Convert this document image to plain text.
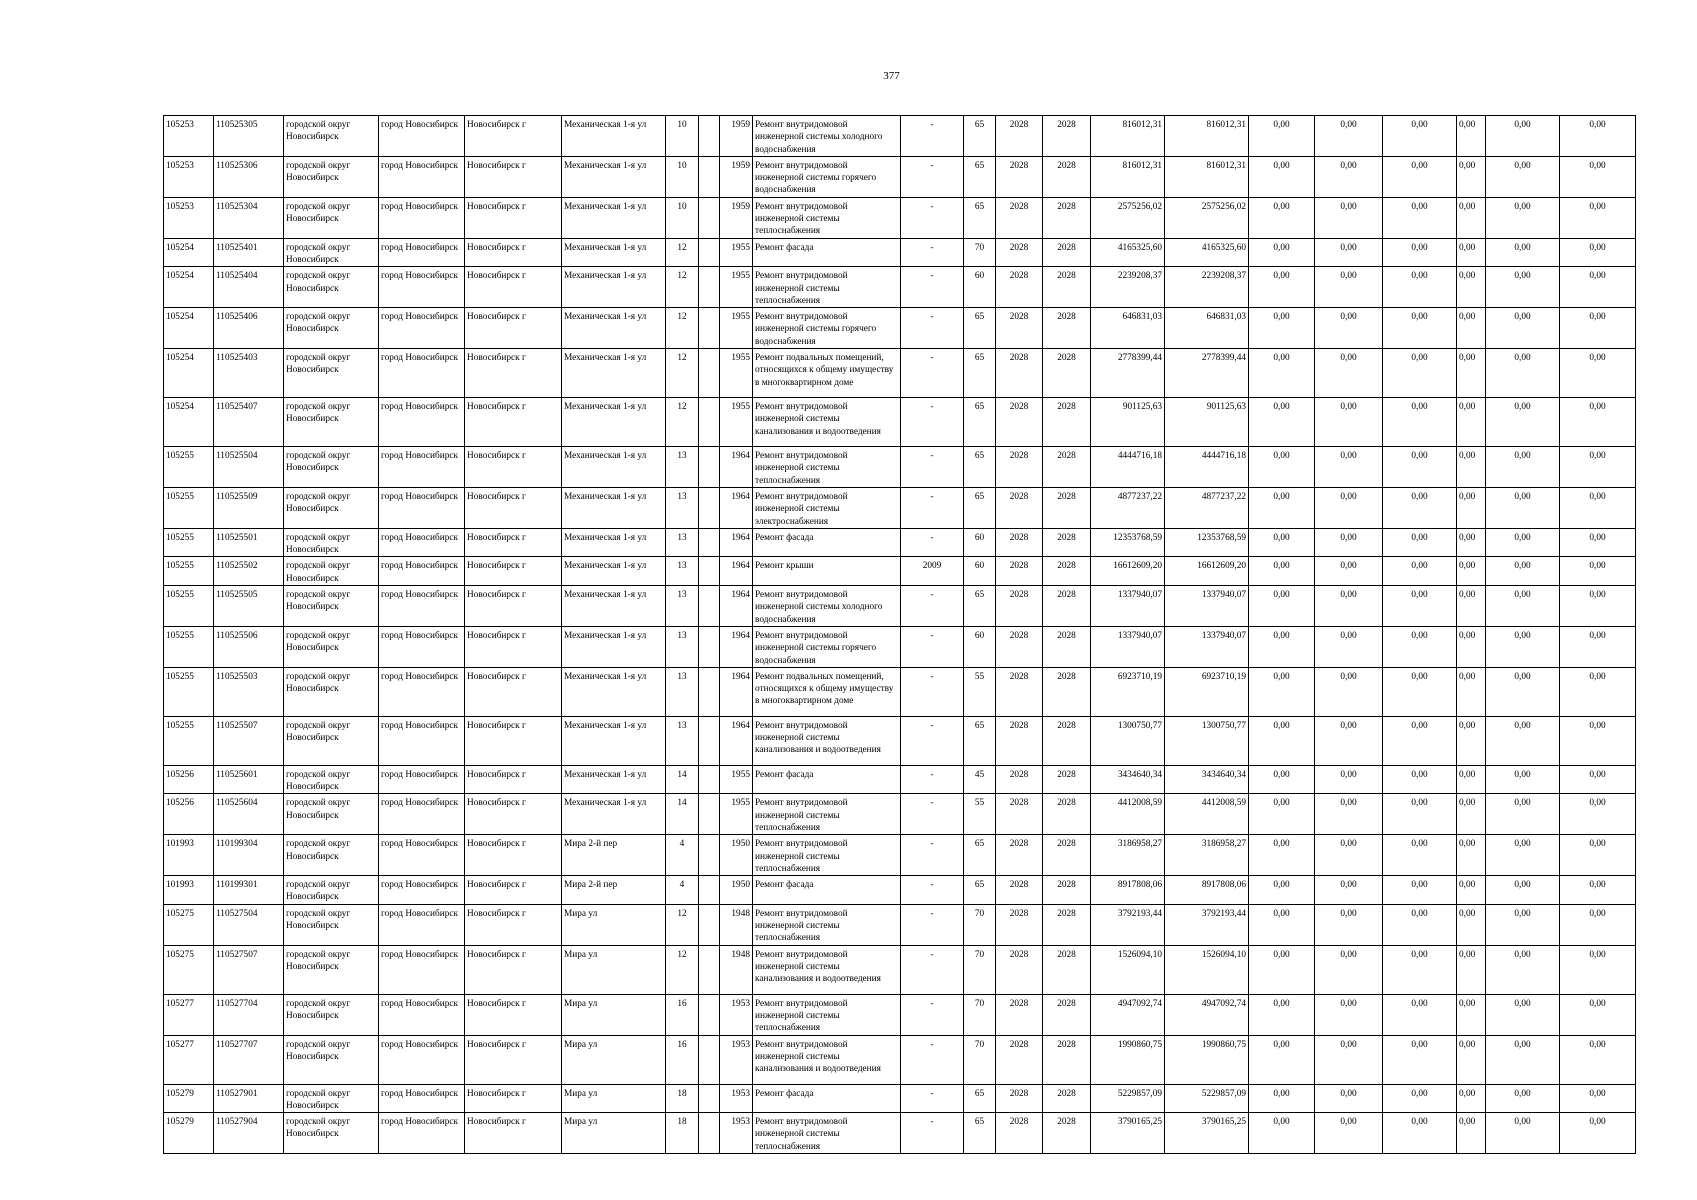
377
105253	110525305	городской округ Новосибирск	город Новосибирск	Новосибирск г	Механическая 1-я ул	10		1959	Ремонт внутридомовой инженерной системы холодного водоснабжения	-	65	2028	2028	816012,31	816012,31	0,00	0,00	0,00	0,00	0,00	0,00
105253	110525306	городской округ Новосибирск	город Новосибирск	Новосибирск г	Механическая 1-я ул	10		1959	Ремонт внутридомовой инженерной системы горячего водоснабжения	-	65	2028	2028	816012,31	816012,31	0,00	0,00	0,00	0,00	0,00	0,00
105253	110525304	городской округ Новосибирск	город Новосибирск	Новосибирск г	Механическая 1-я ул	10		1959	Ремонт внутридомовой инженерной системы теплоснабжения	-	65	2028	2028	2575256,02	2575256,02	0,00	0,00	0,00	0,00	0,00	0,00
105254	110525401	городской округ Новосибирск	город Новосибирск	Новосибирск г	Механическая 1-я ул	12		1955	Ремонт фасада	-	70	2028	2028	4165325,60	4165325,60	0,00	0,00	0,00	0,00	0,00	0,00
105254	110525404	городской округ Новосибирск	город Новосибирск	Новосибирск г	Механическая 1-я ул	12		1955	Ремонт внутридомовой инженерной системы теплоснабжения	-	60	2028	2028	2239208,37	2239208,37	0,00	0,00	0,00	0,00	0,00	0,00
105254	110525406	городской округ Новосибирск	город Новосибирск	Новосибирск г	Механическая 1-я ул	12		1955	Ремонт внутридомовой инженерной системы горячего водоснабжения	-	65	2028	2028	646831,03	646831,03	0,00	0,00	0,00	0,00	0,00	0,00
105254	110525403	городской округ Новосибирск	город Новосибирск	Новосибирск г	Механическая 1-я ул	12		1955	Ремонт подвальных помещений, относящихся к общему имуществу в многоквартирном доме	-	65	2028	2028	2778399,44	2778399,44	0,00	0,00	0,00	0,00	0,00	0,00
105254	110525407	городской округ Новосибирск	город Новосибирск	Новосибирск г	Механическая 1-я ул	12		1955	Ремонт внутридомовой инженерной системы канализования и водоотведения	-	65	2028	2028	901125,63	901125,63	0,00	0,00	0,00	0,00	0,00	0,00
105255	110525504	городской округ Новосибирск	город Новосибирск	Новосибирск г	Механическая 1-я ул	13		1964	Ремонт внутридомовой инженерной системы теплоснабжения	-	65	2028	2028	4444716,18	4444716,18	0,00	0,00	0,00	0,00	0,00	0,00
105255	110525509	городской округ Новосибирск	город Новосибирск	Новосибирск г	Механическая 1-я ул	13		1964	Ремонт внутридомовой инженерной системы электроснабжения	-	65	2028	2028	4877237,22	4877237,22	0,00	0,00	0,00	0,00	0,00	0,00
105255	110525501	городской округ Новосибирск	город Новосибирск	Новосибирск г	Механическая 1-я ул	13		1964	Ремонт фасада	-	60	2028	2028	12353768,59	12353768,59	0,00	0,00	0,00	0,00	0,00	0,00
105255	110525502	городской округ Новосибирск	город Новосибирск	Новосибирск г	Механическая 1-я ул	13		1964	Ремонт крыши	2009	60	2028	2028	16612609,20	16612609,20	0,00	0,00	0,00	0,00	0,00	0,00
105255	110525505	городской округ Новосибирск	город Новосибирск	Новосибирск г	Механическая 1-я ул	13		1964	Ремонт внутридомовой инженерной системы холодного водоснабжения	-	65	2028	2028	1337940,07	1337940,07	0,00	0,00	0,00	0,00	0,00	0,00
105255	110525506	городской округ Новосибирск	город Новосибирск	Новосибирск г	Механическая 1-я ул	13		1964	Ремонт внутридомовой инженерной системы горячего водоснабжения	-	60	2028	2028	1337940,07	1337940,07	0,00	0,00	0,00	0,00	0,00	0,00
105255	110525503	городской округ Новосибирск	город Новосибирск	Новосибирск г	Механическая 1-я ул	13		1964	Ремонт подвальных помещений, относящихся к общему имуществу в многоквартирном доме	-	55	2028	2028	6923710,19	6923710,19	0,00	0,00	0,00	0,00	0,00	0,00
105255	110525507	городской округ Новосибирск	город Новосибирск	Новосибирск г	Механическая 1-я ул	13		1964	Ремонт внутридомовой инженерной системы канализования и водоотведения	-	65	2028	2028	1300750,77	1300750,77	0,00	0,00	0,00	0,00	0,00	0,00
105256	110525601	городской округ Новосибирск	город Новосибирск	Новосибирск г	Механическая 1-я ул	14		1955	Ремонт фасада	-	45	2028	2028	3434640,34	3434640,34	0,00	0,00	0,00	0,00	0,00	0,00
105256	110525604	городской округ Новосибирск	город Новосибирск	Новосибирск г	Механическая 1-я ул	14		1955	Ремонт внутридомовой инженерной системы теплоснабжения	-	55	2028	2028	4412008,59	4412008,59	0,00	0,00	0,00	0,00	0,00	0,00
101993	110199304	городской округ Новосибирск	город Новосибирск	Новосибирск г	Мира 2-й пер	4		1950	Ремонт внутридомовой инженерной системы теплоснабжения	-	65	2028	2028	3186958,27	3186958,27	0,00	0,00	0,00	0,00	0,00	0,00
101993	110199301	городской округ Новосибирск	город Новосибирск	Новосибирск г	Мира 2-й пер	4		1950	Ремонт фасада	-	65	2028	2028	8917808,06	8917808,06	0,00	0,00	0,00	0,00	0,00	0,00
105275	110527504	городской округ Новосибирск	город Новосибирск	Новосибирск г	Мира ул	12		1948	Ремонт внутридомовой инженерной системы теплоснабжения	-	70	2028	2028	3792193,44	3792193,44	0,00	0,00	0,00	0,00	0,00	0,00
105275	110527507	городской округ Новосибирск	город Новосибирск	Новосибирск г	Мира ул	12		1948	Ремонт внутридомовой инженерной системы канализования и водоотведения	-	70	2028	2028	1526094,10	1526094,10	0,00	0,00	0,00	0,00	0,00	0,00
105277	110527704	городской округ Новосибирск	город Новосибирск	Новосибирск г	Мира ул	16		1953	Ремонт внутридомовой инженерной системы теплоснабжения	-	70	2028	2028	4947092,74	4947092,74	0,00	0,00	0,00	0,00	0,00	0,00
105277	110527707	городской округ Новосибирск	город Новосибирск	Новосибирск г	Мира ул	16		1953	Ремонт внутридомовой инженерной системы канализования и водоотведения	-	70	2028	2028	1990860,75	1990860,75	0,00	0,00	0,00	0,00	0,00	0,00
105279	110527901	городской округ Новосибирск	город Новосибирск	Новосибирск г	Мира ул	18		1953	Ремонт фасада	-	65	2028	2028	5229857,09	5229857,09	0,00	0,00	0,00	0,00	0,00	0,00
105279	110527904	городской округ Новосибирск	город Новосибирск	Новосибирск г	Мира ул	18		1953	Ремонт внутридомовой инженерной системы теплоснабжения	-	65	2028	2028	3790165,25	3790165,25	0,00	0,00	0,00	0,00	0,00	0,00
